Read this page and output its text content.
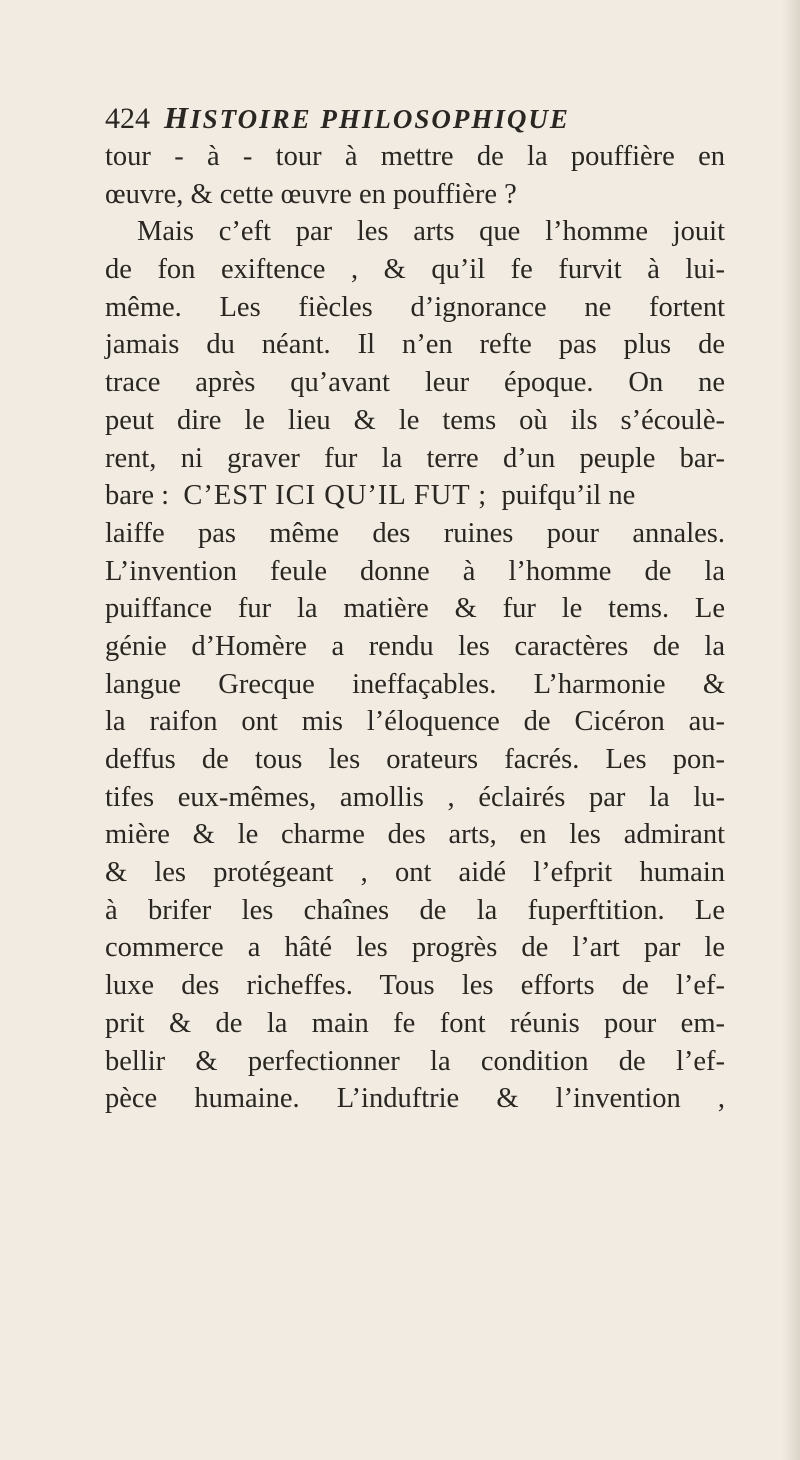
424 HISTOIRE PHILOSOPHIQUE
tour - à - tour à mettre de la pouffière en
œuvre, & cette œuvre en pouffière ?
Mais c’eft par les arts que l’homme jouit
de fon exiftence , & qu’il fe furvit à lui-
même. Les fiècles d’ignorance ne fortent
jamais du néant. Il n’en refte pas plus de
trace après qu’avant leur époque. On ne
peut dire le lieu & le tems où ils s’écoulè-
rent, ni graver fur la terre d’un peuple bar-
bare : C’EST ICI QU’IL FUT ; puifqu’il ne
laiffe pas même des ruines pour annales.
L’invention feule donne à l’homme de la
puiffance fur la matière & fur le tems. Le
génie d’Homère a rendu les caractères de la
langue Grecque ineffaçables. L’harmonie &
la raifon ont mis l’éloquence de Cicéron au-
deffus de tous les orateurs facrés. Les pon-
tifes eux-mêmes, amollis , éclairés par la lu-
mière & le charme des arts, en les admirant
& les protégeant , ont aidé l’efprit humain
à brifer les chaînes de la fuperftition. Le
commerce a hâté les progrès de l’art par le
luxe des richeffes. Tous les efforts de l’ef-
prit & de la main fe font réunis pour em-
bellir & perfectionner la condition de l’ef-
pèce humaine. L’induftrie & l’invention ,
